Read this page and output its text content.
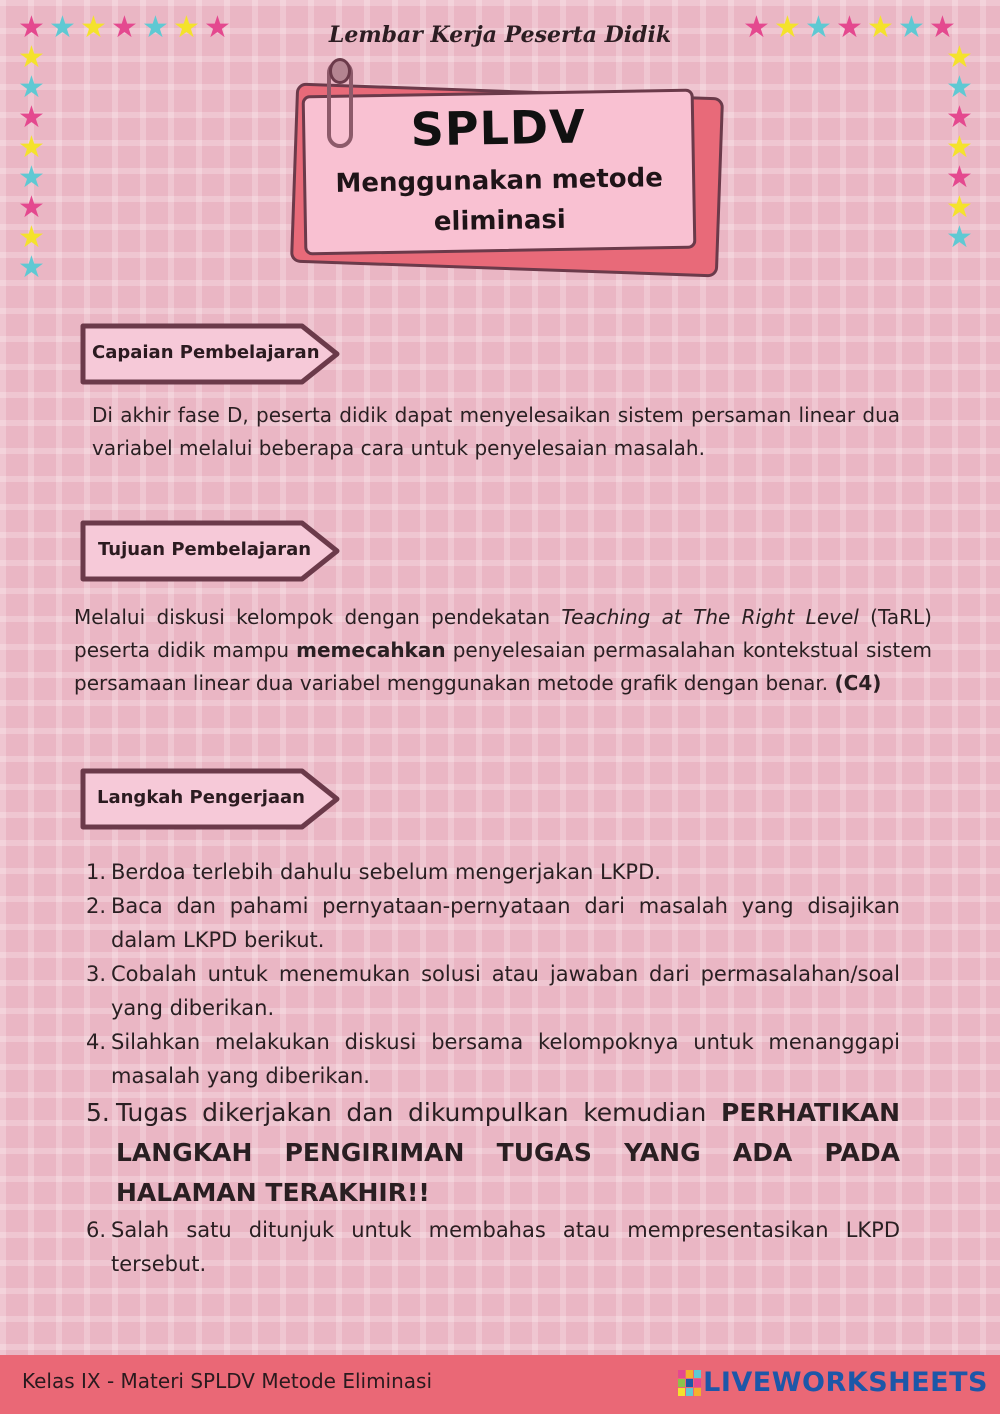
★ ★ ★ ★ ★ ★ ★
★
★
★
★
★
★
★
★
★ ★ ★ ★ ★ ★ ★
★
★
★
★
★
★
★
Lembar Kerja Peserta Didik
SPLDV
Menggunakan metode eliminasi
Capaian Pembelajaran
Di akhir fase D, peserta didik dapat menyelesaikan sistem persaman linear dua variabel melalui beberapa cara untuk penyelesaian masalah.
Tujuan Pembelajaran
Melalui diskusi kelompok dengan pendekatan Teaching at The Right Level (TaRL) peserta didik mampu memecahkan penyelesaian permasalahan kontekstual sistem persamaan linear dua variabel menggunakan metode grafik dengan benar. (C4)
Langkah Pengerjaan
1. Berdoa terlebih dahulu sebelum mengerjakan LKPD.
2. Baca dan pahami pernyataan-pernyataan dari masalah yang disajikan dalam LKPD berikut.
3. Cobalah untuk menemukan solusi atau jawaban dari permasalahan/soal yang diberikan.
4. Silahkan melakukan diskusi bersama kelompoknya untuk menanggapi masalah yang diberikan.
5. Tugas dikerjakan dan dikumpulkan kemudian PERHATIKAN LANGKAH PENGIRIMAN TUGAS YANG ADA PADA HALAMAN TERAKHIR!!
6. Salah satu ditunjuk untuk membahas atau mempresentasikan LKPD tersebut.
Kelas IX - Materi SPLDV Metode Eliminasi	LIVEWORKSHEETS
